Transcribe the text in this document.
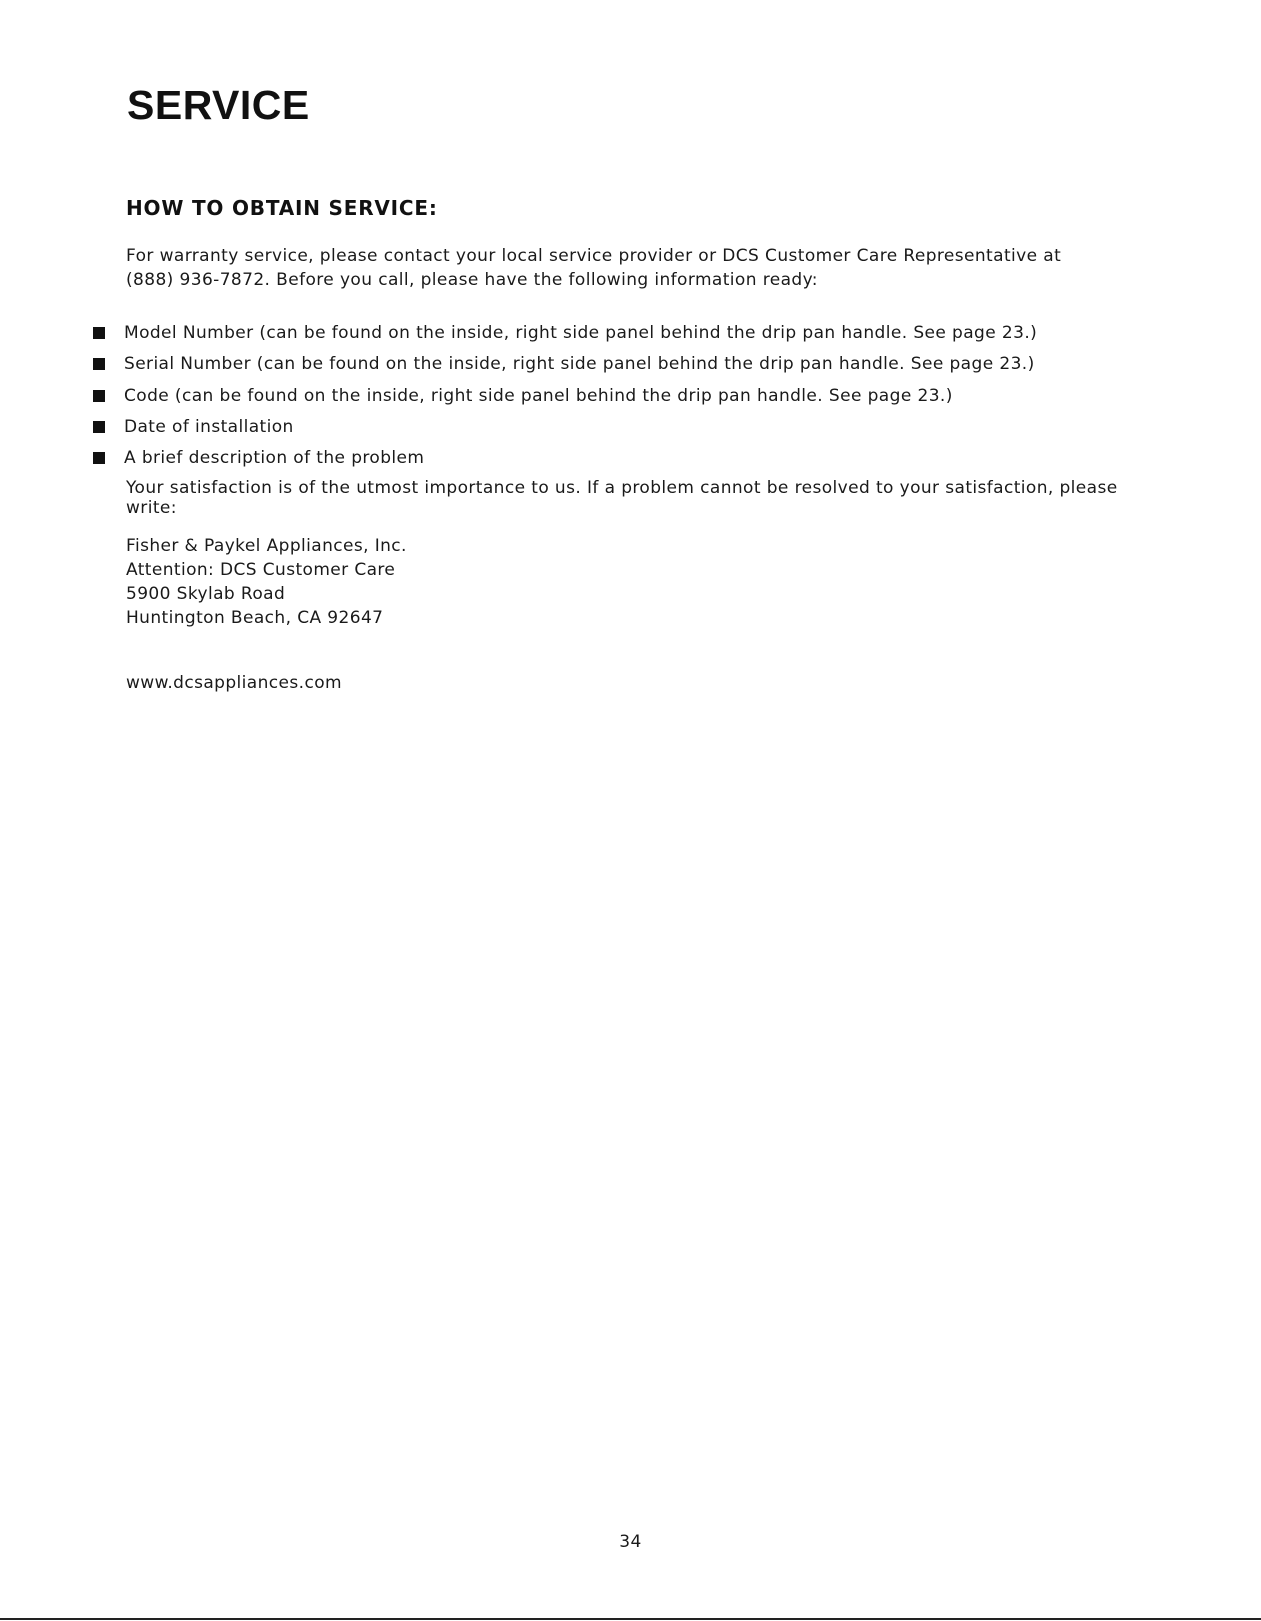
SERVICE
HOW TO OBTAIN SERVICE:

For warranty service, please contact your local service provider or DCS Customer Care Representative at
(888) 936-7872. Before you call, please have the following information ready:

Model Number (can be found on the inside, right side panel behind the drip pan handle. See page 23.)
Serial Number (can be found on the inside, right side panel behind the drip pan handle. See page 23.)
Code (can be found on the inside, right side panel behind the drip pan handle. See page 23.)
Date of installation
A brief description of the problem

Your satisfaction is of the utmost importance to us. If a problem cannot be resolved to your satisfaction, please write:

Fisher & Paykel Appliances, Inc.
Attention: DCS Customer Care
5900 Skylab Road
Huntington Beach, CA 92647

www.dcsappliances.com

34
